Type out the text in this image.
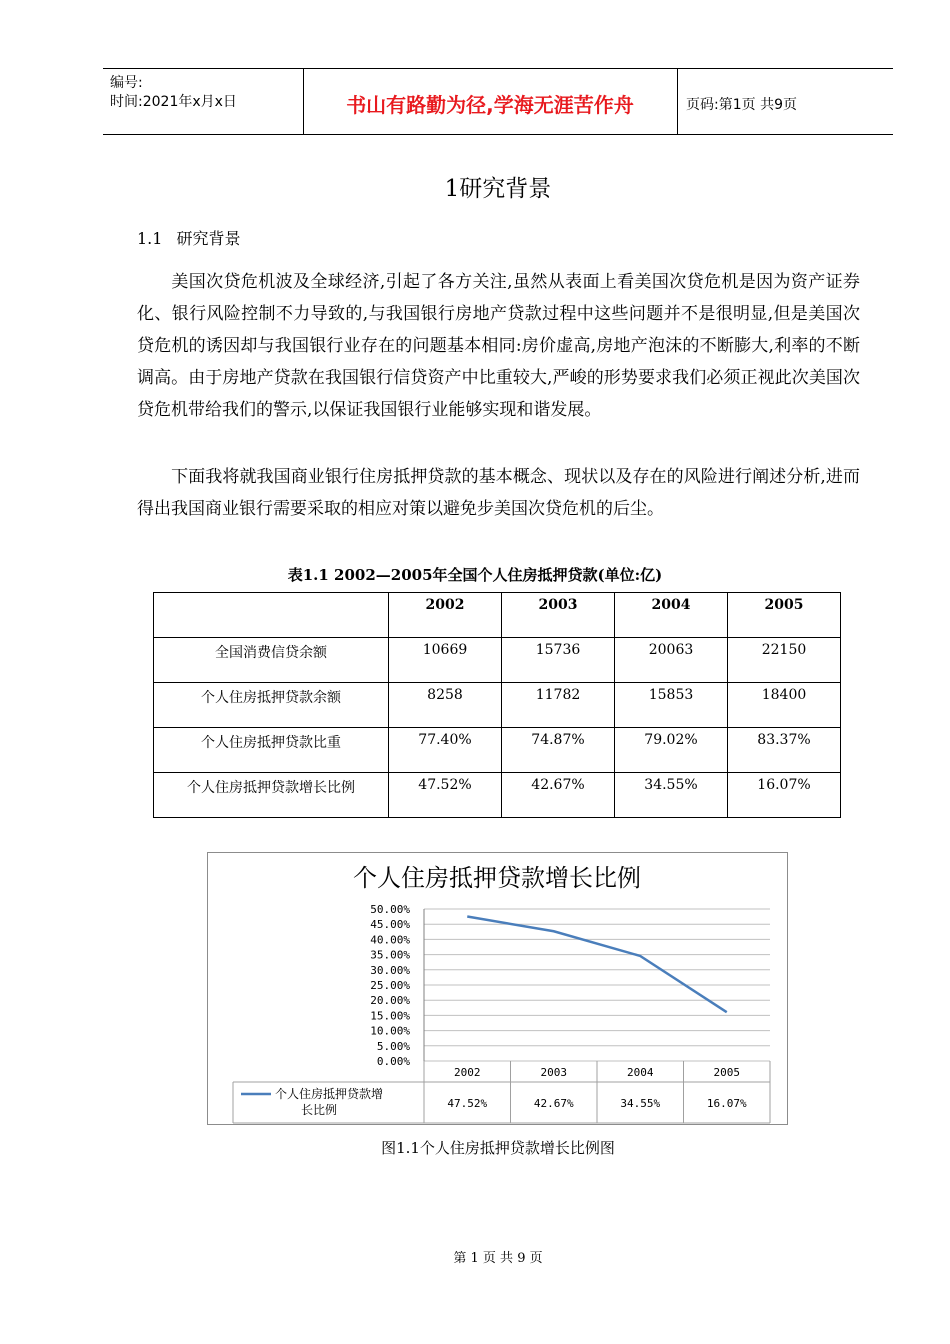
编号:
时间:2021年x月x日	书山有路勤为径,学海无涯苦作舟	页码:第1页 共9页
1研究背景
1.1 研究背景
美国次贷危机波及全球经济,引起了各方关注,虽然从表面上看美国次贷危机是因为资产证券化、银行风险控制不力导致的,与我国银行房地产贷款过程中这些问题并不是很明显,但是美国次贷危机的诱因却与我国银行业存在的问题基本相同:房价虚高,房地产泡沫的不断膨大,利率的不断调高。由于房地产贷款在我国银行信贷资产中比重较大,严峻的形势要求我们必须正视此次美国次贷危机带给我们的警示,以保证我国银行业能够实现和谐发展。
下面我将就我国商业银行住房抵押贷款的基本概念、现状以及存在的风险进行阐述分析,进而得出我国商业银行需要采取的相应对策以避免步美国次贷危机的后尘。
表1.1 2002—2005年全国个人住房抵押贷款(单位:亿)
	2002	2003	2004	2005
全国消费信贷余额	10669	15736	20063	22150
个人住房抵押贷款余额	8258	11782	15853	18400
个人住房抵押贷款比重	77.40%	74.87%	79.02%	83.37%
个人住房抵押贷款增长比例	47.52%	42.67%	34.55%	16.07%
个人住房抵押贷款增长比例
50.00%
45.00%
40.00%
35.00%
30.00%
25.00%
20.00%
15.00%
10.00%
5.00%
0.00%
2002	2003	2004	2005
47.52%	42.67%	34.55%	16.07%
个人住房抵押贷款增
长比例
图1.1个人住房抵押贷款增长比例图
第 1 页 共 9 页
